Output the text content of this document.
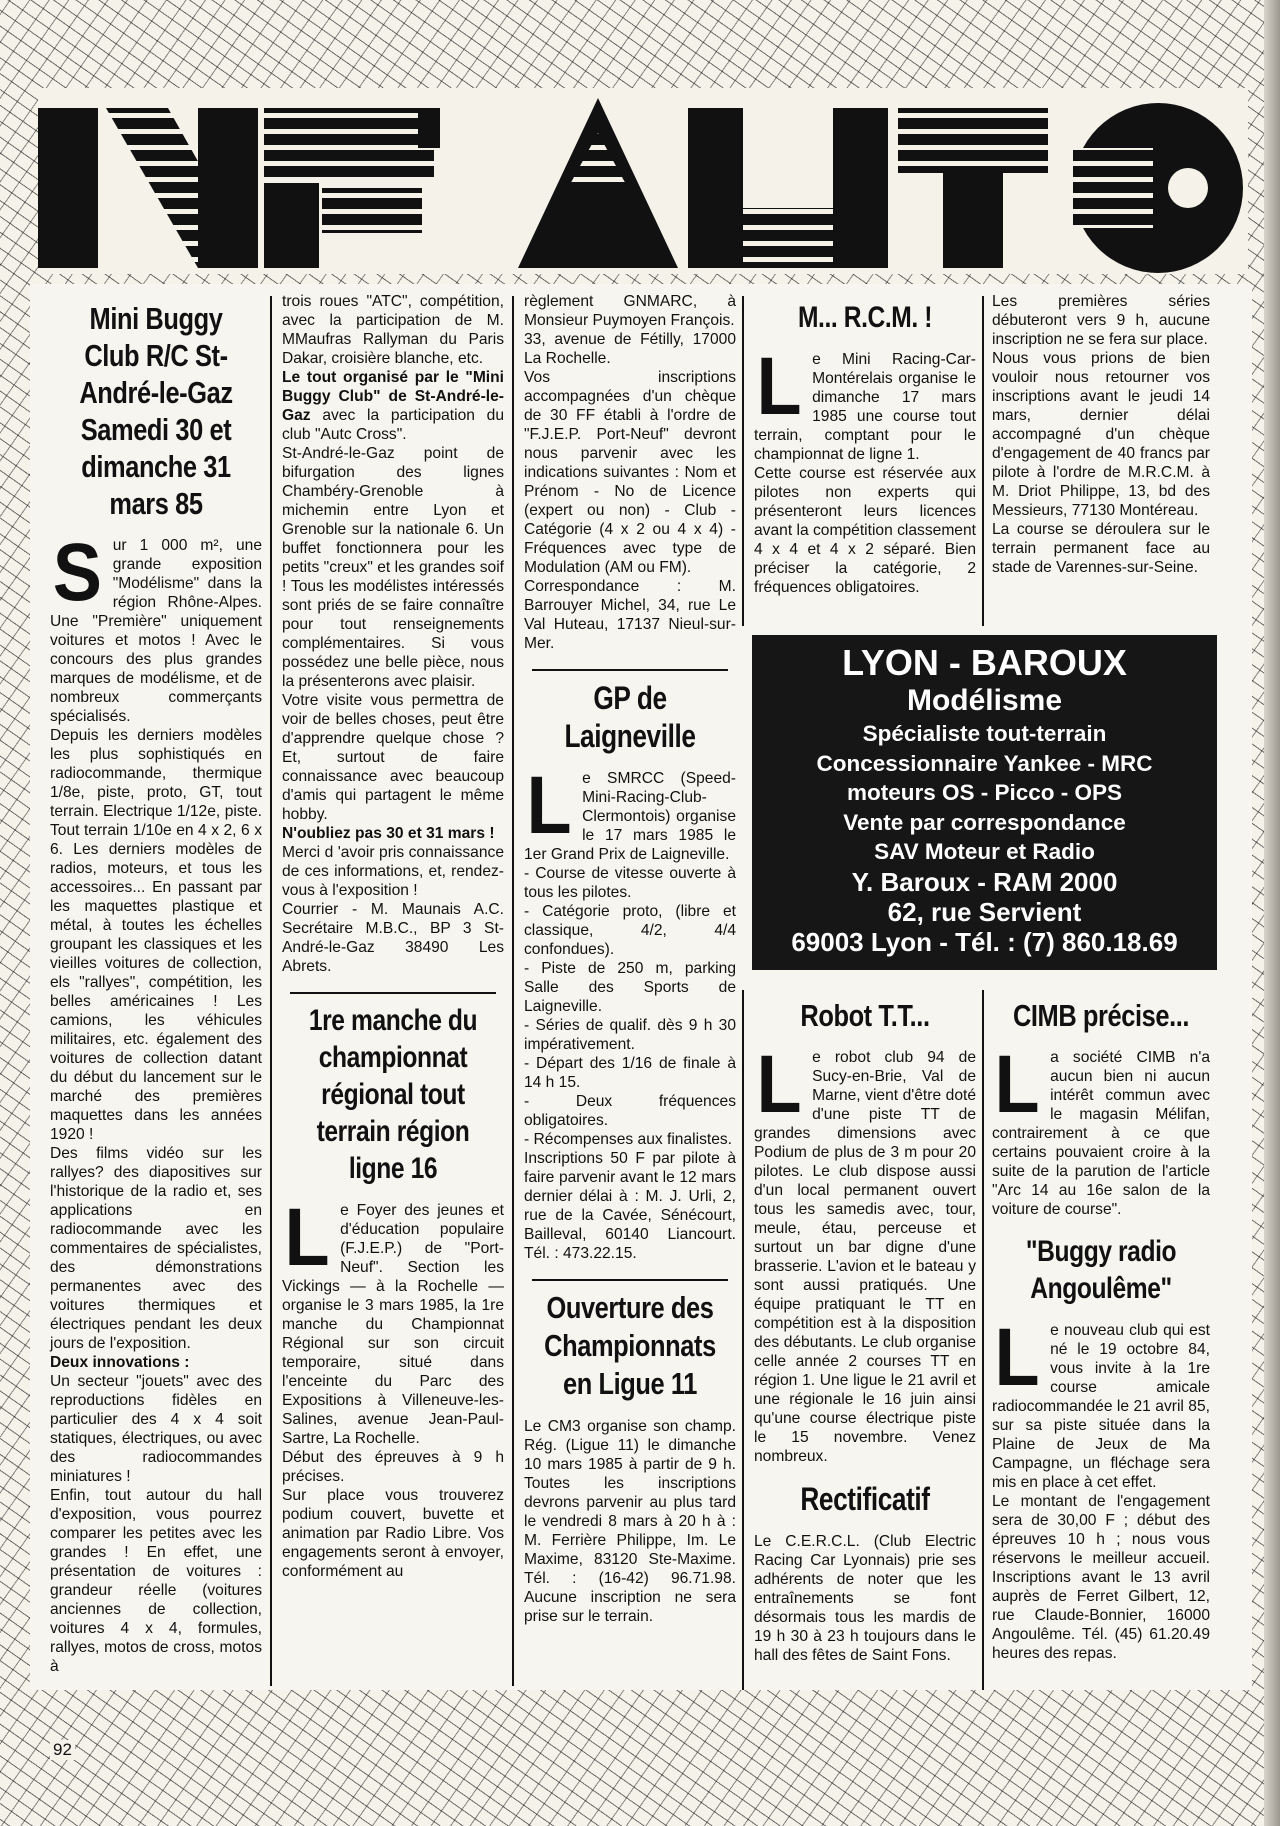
Mini Buggy Club R/C St-André-le-Gaz Samedi 30 et dimanche 31 mars 85
S ur 1 000 m², une grande exposition "Modélisme" dans la région Rhône-Alpes. Une "Première" uniquement voitures et motos ! Avec le concours des plus grandes marques de modélisme, et de nombreux commerçants spécialisés.

Depuis les derniers modèles les plus sophistiqués en radiocommande, thermique 1/8e, piste, proto, GT, tout terrain. Electrique 1/12e, piste. Tout terrain 1/10e en 4 x 2, 6 x 6. Les derniers modèles de radios, moteurs, et tous les accessoires... En passant par les maquettes plastique et métal, à toutes les échelles groupant les classiques et les vieilles voitures de collection, els "rallyes", compétition, les belles américaines ! Les camions, les véhicules militaires, etc. également des voitures de collection datant du début du lancement sur le marché des premières maquettes dans les années 1920 !

Des films vidéo sur les rallyes? des diapositives sur l'historique de la radio et, ses applications en radiocommande avec les commentaires de spécialistes, des démonstrations permanentes avec des voitures thermiques et électriques pendant les deux jours de l'exposition.

Deux innovations :

Un secteur "jouets" avec des reproductions fidèles en particulier des 4 x 4 soit statiques, électriques, ou avec des radiocommandes miniatures !

Enfin, tout autour du hall d'exposition, vous pourrez comparer les petites avec les grandes ! En effet, une présentation de voitures : grandeur réelle (voitures anciennes de collection, voitures 4 x 4, formules, rallyes, motos de cross, motos à

trois roues "ATC", compétition, avec la participation de M. MMaufras Rallyman du Paris Dakar, croisière blanche, etc.

Le tout organisé par le "Mini Buggy Club" de St-André-le-Gaz avec la participation du club "Autc Cross".

St-André-le-Gaz point de bifurgation des lignes Chambéry-Grenoble à michemin entre Lyon et Grenoble sur la nationale 6. Un buffet fonctionnera pour les petits "creux" et les grandes soif ! Tous les modélistes intéressés sont priés de se faire connaître pour tout renseignements complémentaires. Si vous possédez une belle pièce, nous la présenterons avec plaisir.

Votre visite vous permettra de voir de belles choses, peut être d'apprendre quelque chose ? Et, surtout de faire connaissance avec beaucoup d'amis qui partagent le même hobby.

N'oubliez pas 30 et 31 mars !

Merci d 'avoir pris connaissance de ces informations, et, rendez-vous à l'exposition !

Courrier - M. Maunais A.C. Secrétaire M.B.C., BP 3 St-André-le-Gaz 38490 Les Abrets.

1re manche du championnat régional tout terrain région ligne 16
L e Foyer des jeunes et d'éducation populaire (F.J.E.P.) de "Port-Neuf". Section les Vickings — à la Rochelle — organise le 3 mars 1985, la 1re manche du Championnat Régional sur son circuit temporaire, situé dans l'enceinte du Parc des Expositions à Villeneuve-les-Salines, avenue Jean-Paul-Sartre, La Rochelle.

Début des épreuves à 9 h précises.

Sur place vous trouverez podium couvert, buvette et animation par Radio Libre. Vos engagements seront à envoyer, conformément au

règlement GNMARC, à Monsieur Puymoyen François.

33, avenue de Fétilly, 17000 La Rochelle.

Vos inscriptions accompagnées d'un chèque de 30 FF établi à l'ordre de "F.J.E.P. Port-Neuf" devront nous parvenir avec les indications suivantes : Nom et Prénom - No de Licence (expert ou non) - Club - Catégorie (4 x 2 ou 4 x 4) - Fréquences avec type de Modulation (AM ou FM).

Correspondance : M. Barrouyer Michel, 34, rue Le Val Huteau, 17137 Nieul-sur-Mer.

GP de Laigneville
L e SMRCC (Speed-Mini-Racing-Club-Clermontois) organise le 17 mars 1985 le 1er Grand Prix de Laigneville.

- Course de vitesse ouverte à tous les pilotes.

- Catégorie proto, (libre et classique, 4/2, 4/4 confondues).

- Piste de 250 m, parking Salle des Sports de Laigneville.

- Séries de qualif. dès 9 h 30 impérativement.

- Départ des 1/16 de finale à 14 h 15.

- Deux fréquences obligatoires.

- Récompenses aux finalistes.

Inscriptions 50 F par pilote à faire parvenir avant le 12 mars dernier délai à : M. J. Urli, 2, rue de la Cavée, Sénécourt, Bailleval, 60140 Liancourt. Tél. : 473.22.15.

Ouverture des Championnats en Ligue 11

Le CM3 organise son champ. Rég. (Ligue 11) le dimanche 10 mars 1985 à partir de 9 h. Toutes les inscriptions devrons parvenir au plus tard le vendredi 8 mars à 20 h à : M. Ferrière Philippe, Im. Le Maxime, 83120 Ste-Maxime. Tél. : (16-42) 96.71.98. Aucune inscription ne sera prise sur le terrain.

M... R.C.M. !
L e Mini Racing-Car-Montérelais organise le dimanche 17 mars 1985 une course tout terrain, comptant pour le championnat de ligne 1.

Cette course est réservée aux pilotes non experts qui présenteront leurs licences avant la compétition classement 4 x 4 et 4 x 2 séparé. Bien préciser la catégorie, 2 fréquences obligatoires.

Les premières séries débuteront vers 9 h, aucune inscription ne se fera sur place.

Nous vous prions de bien vouloir nous retourner vos inscriptions avant le jeudi 14 mars, dernier délai accompagné d'un chèque d'engagement de 40 francs par pilote à l'ordre de M.R.C.M. à M. Driot Philippe, 13, bd des Messieurs, 77130 Montéreau.

La course se déroulera sur le terrain permanent face au stade de Varennes-sur-Seine.

LYON - BAROUX
Modélisme
Spécialiste tout-terrain
Concessionnaire Yankee - MRC
moteurs OS - Picco - OPS
Vente par correspondance
SAV Moteur et Radio
Y. Baroux - RAM 2000
62, rue Servient
69003 Lyon - Tél. : (7) 860.18.69
Robot T.T...
L e robot club 94 de Sucy-en-Brie, Val de Marne, vient d'être doté d'une piste TT de grandes dimensions avec Podium de plus de 3 m pour 20 pilotes. Le club dispose aussi d'un local permanent ouvert tous les samedis avec, tour, meule, étau, perceuse et surtout un bar digne d'une brasserie. L'avion et le bateau y sont aussi pratiqués. Une équipe pratiquant le TT en compétition est à la disposition des débutants. Le club organise celle année 2 courses TT en région 1. Une ligue le 21 avril et une régionale le 16 juin ainsi qu'une course électrique piste le 15 novembre. Venez nombreux.

Rectificatif

Le C.E.R.C.L. (Club Electric Racing Car Lyonnais) prie ses adhérents de noter que les entraînements se font désormais tous les mardis de 19 h 30 à 23 h toujours dans le hall des fêtes de Saint Fons.

CIMB précise...
L a société CIMB n'a aucun bien ni aucun intérêt commun avec le magasin Mélifan, contrairement à ce que certains pouvaient croire à la suite de la parution de l'article "Arc 14 au 16e salon de la voiture de course".

"Buggy radio Angoulême"
L e nouveau club qui est né le 19 octobre 84, vous invite à la 1re course amicale radiocommandée le 21 avril 85, sur sa piste située dans la Plaine de Jeux de Ma Campagne, un fléchage sera mis en place à cet effet.

Le montant de l'engagement sera de 30,00 F ; début des épreuves 10 h ; nous vous réservons le meilleur accueil. Inscriptions avant le 13 avril auprès de Ferret Gilbert, 12, rue Claude-Bonnier, 16000 Angoulême. Tél. (45) 61.20.49 heures des repas.

92
